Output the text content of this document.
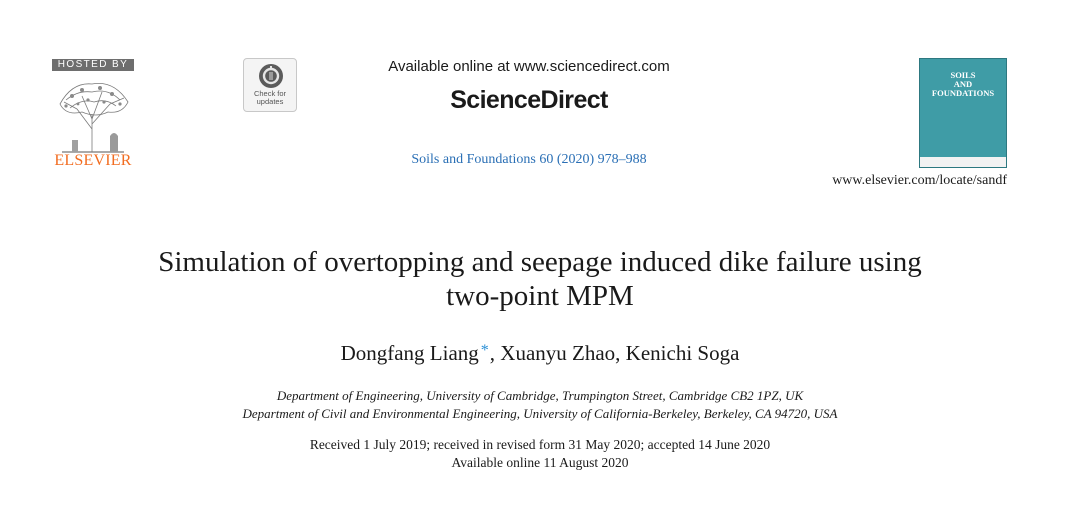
HOSTED BY
ELSEVIER
Check for
updates
Available online at www.sciencedirect.com
ScienceDirect
Soils and Foundations 60 (2020) 978–988
SOILS
AND
FOUNDATIONS
www.elsevier.com/locate/sandf
Simulation of overtopping and seepage induced dike failure using
two-point MPM
Dongfang Liang *, Xuanyu Zhao, Kenichi Soga
Department of Engineering, University of Cambridge, Trumpington Street, Cambridge CB2 1PZ, UK
Department of Civil and Environmental Engineering, University of California-Berkeley, Berkeley, CA 94720, USA
Received 1 July 2019; received in revised form 31 May 2020; accepted 14 June 2020
Available online 11 August 2020
